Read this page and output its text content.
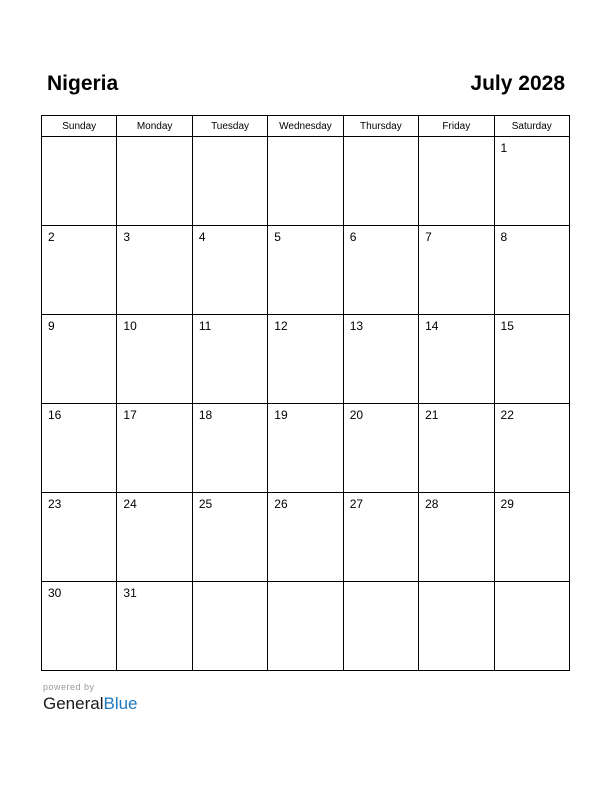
Nigeria	July 2028
Sunday	Monday	Tuesday	Wednesday	Thursday	Friday	Saturday

						1

2	3	4	5	6	7	8

9	10	11	12	13	14	15

16	17	18	19	20	21	22

23	24	25	26	27	28	29

30	31					

powered by
GeneralBlue
